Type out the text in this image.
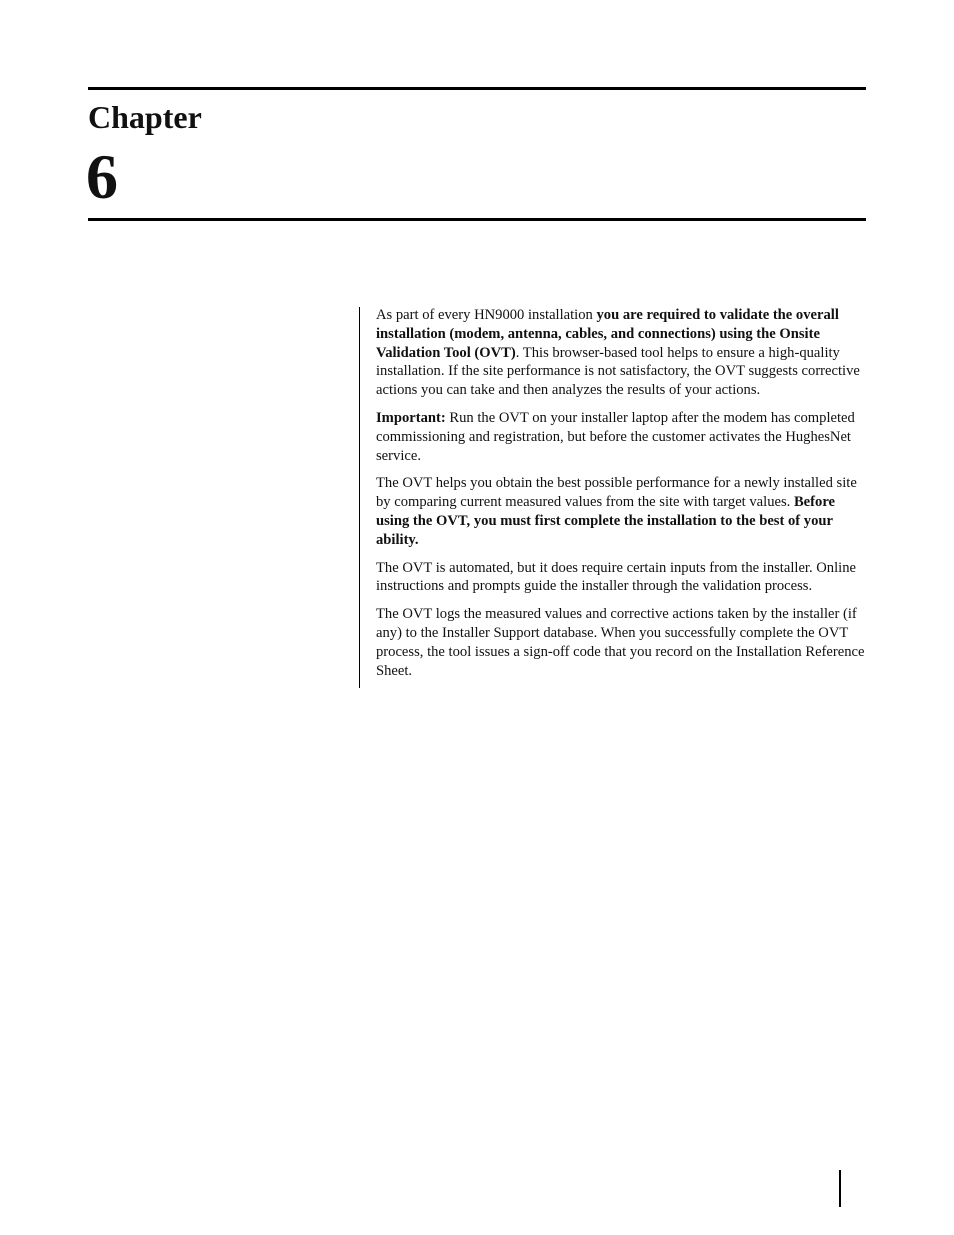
Chapter
6

As part of every HN9000 installation you are required to validate the overall installation (modem, antenna, cables, and connections) using the Onsite Validation Tool (OVT). This browser-based tool helps to ensure a high-quality installation. If the site performance is not satisfactory, the OVT suggests corrective actions you can take and then analyzes the results of your actions.

Important: Run the OVT on your installer laptop after the modem has completed commissioning and registration, but before the customer activates the HughesNet service.

The OVT helps you obtain the best possible performance for a newly installed site by comparing current measured values from the site with target values. Before using the OVT, you must first complete the installation to the best of your ability.

The OVT is automated, but it does require certain inputs from the installer. Online instructions and prompts guide the installer through the validation process.

The OVT logs the measured values and corrective actions taken by the installer (if any) to the Installer Support database. When you successfully complete the OVT process, the tool issues a sign-off code that you record on the Installation Reference Sheet.
